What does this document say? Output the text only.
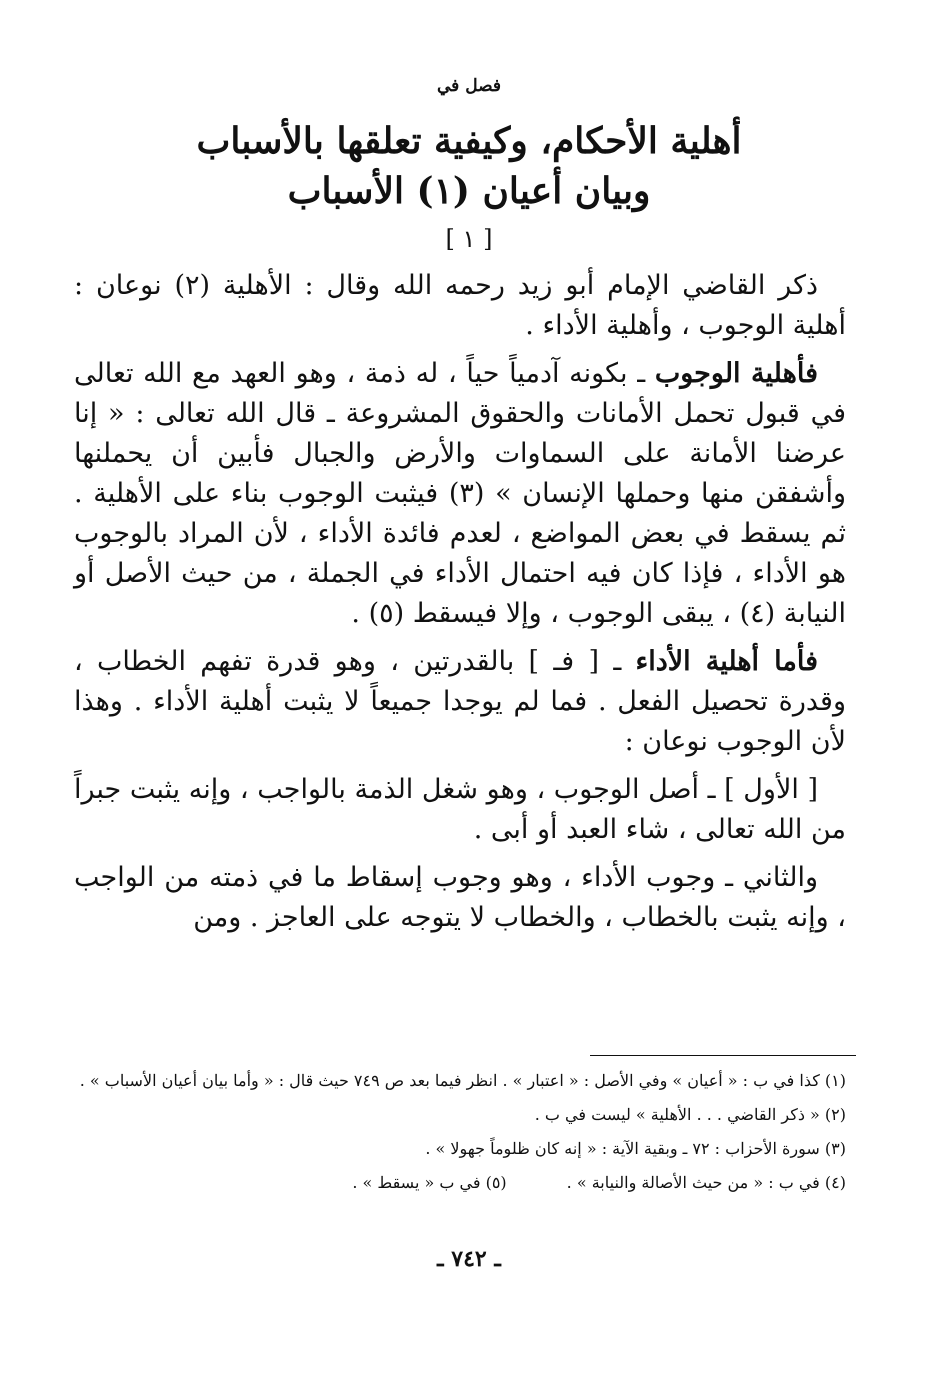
فصل في
أهلية الأحكام، وكيفية تعلقها بالأسباب
وبيان أعيان (١) الأسباب
[ ١ ]

ذكر القاضي الإمام أبو زيد رحمه الله وقال : الأهلية (٢) نوعان : أهلية الوجوب ، وأهلية الأداء .

فأهلية الوجوب ـ بكونه آدمياً حياً ، له ذمة ، وهو العهد مع الله تعالى في قبول تحمل الأمانات والحقوق المشروعة ـ قال الله تعالى : « إنا عرضنا الأمانة على السماوات والأرض والجبال فأبين أن يحملنها وأشفقن منها وحملها الإنسان » (٣) فيثبت الوجوب بناء على الأهلية . ثم يسقط في بعض المواضع ، لعدم فائدة الأداء ، لأن المراد بالوجوب هو الأداء ، فإذا كان فيه احتمال الأداء في الجملة ، من حيث الأصل أو النيابة (٤) ، يبقى الوجوب ، وإلا فيسقط (٥) .

فأما أهلية الأداء ـ [ فـ ] بالقدرتين ، وهو قدرة تفهم الخطاب ، وقدرة تحصيل الفعل . فما لم يوجدا جميعاً لا يثبت أهلية الأداء . وهذا لأن الوجوب نوعان :

[ الأول ] ـ أصل الوجوب ، وهو شغل الذمة بالواجب ، وإنه يثبت جبراً من الله تعالى ، شاء العبد أو أبى .

والثاني ـ وجوب الأداء ، وهو وجوب إسقاط ما في ذمته من الواجب ، وإنه يثبت بالخطاب ، والخطاب لا يتوجه على العاجز . ومن

(١) كذا في ب : « أعيان » وفي الأصل : « اعتبار » . انظر فيما بعد ص ٧٤٩ حيث قال : « وأما بيان أعيان الأسباب » .
(٢) « ذكر القاضي . . . الأهلية » ليست في ب .
(٣) سورة الأحزاب : ٧٢ ـ وبقية الآية : « إنه كان ظلوماً جهولا » .
(٤) في ب : « من حيث الأصالة والنيابة » .(٥) في ب « يسقط » .
ـ ٧٤٢ ـ
